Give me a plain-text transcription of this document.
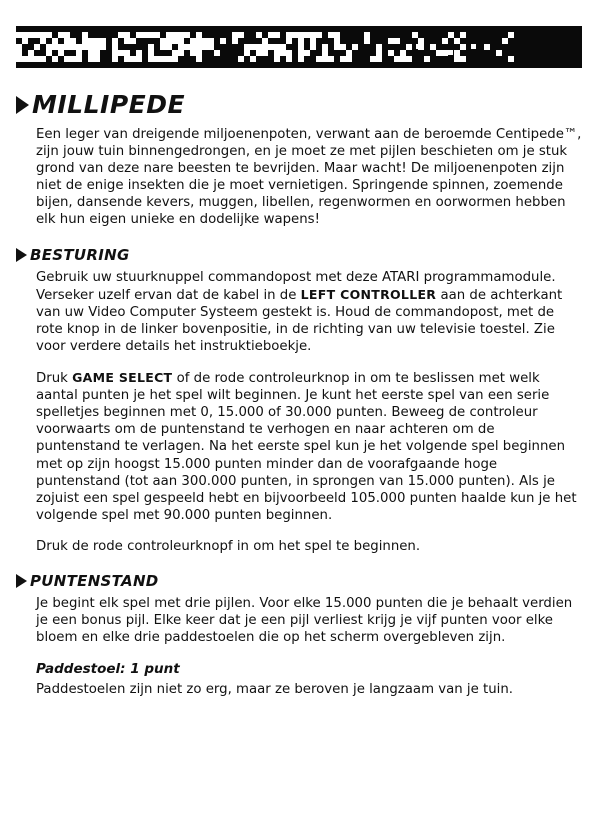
MILLIPEDE

Een leger van dreigende miljoenenpoten, verwant aan de beroemde Centipede™, zijn jouw tuin binnengedrongen, en je moet ze met pijlen beschieten om je stuk grond van deze nare beesten te bevrijden. Maar wacht! De miljoenenpoten zijn niet de enige insekten die je moet vernietigen. Springende spinnen, zoemende bijen, dansende kevers, muggen, libellen, regenwormen en oorwormen hebben elk hun eigen unieke en dodelijke wapens!

BESTURING

Gebruik uw stuurknuppel commandopost met deze ATARI programmamodule. Verseker uzelf ervan dat de kabel in de LEFT CONTROLLER aan de achterkant van uw Video Computer Systeem gestekt is. Houd de commandopost, met de rote knop in de linker bovenpositie, in de richting van uw televisie toestel. Zie voor verdere details het instruktieboekje.

Druk GAME SELECT of de rode controleurknop in om te beslissen met welk aantal punten je het spel wilt beginnen. Je kunt het eerste spel van een serie spelletjes beginnen met 0, 15.000 of 30.000 punten. Beweeg de controleur voorwaarts om de puntenstand te verhogen en naar achteren om de puntenstand te verlagen. Na het eerste spel kun je het volgende spel beginnen met op zijn hoogst 15.000 punten minder dan de voorafgaande hoge puntenstand (tot aan 300.000 punten, in sprongen van 15.000 punten). Als je zojuist een spel gespeeld hebt en bijvoorbeeld 105.000 punten haalde kun je het volgende spel met 90.000 punten beginnen.

Druk de rode controleurknopf in om het spel te beginnen.

PUNTENSTAND

Je begint elk spel met drie pijlen. Voor elke 15.000 punten die je behaalt verdien je een bonus pijl. Elke keer dat je een pijl verliest krijg je vijf punten voor elke bloem en elke drie paddestoelen die op het scherm overgebleven zijn.

Paddestoel: 1 punt

Paddestoelen zijn niet zo erg, maar ze beroven je langzaam van je tuin.
